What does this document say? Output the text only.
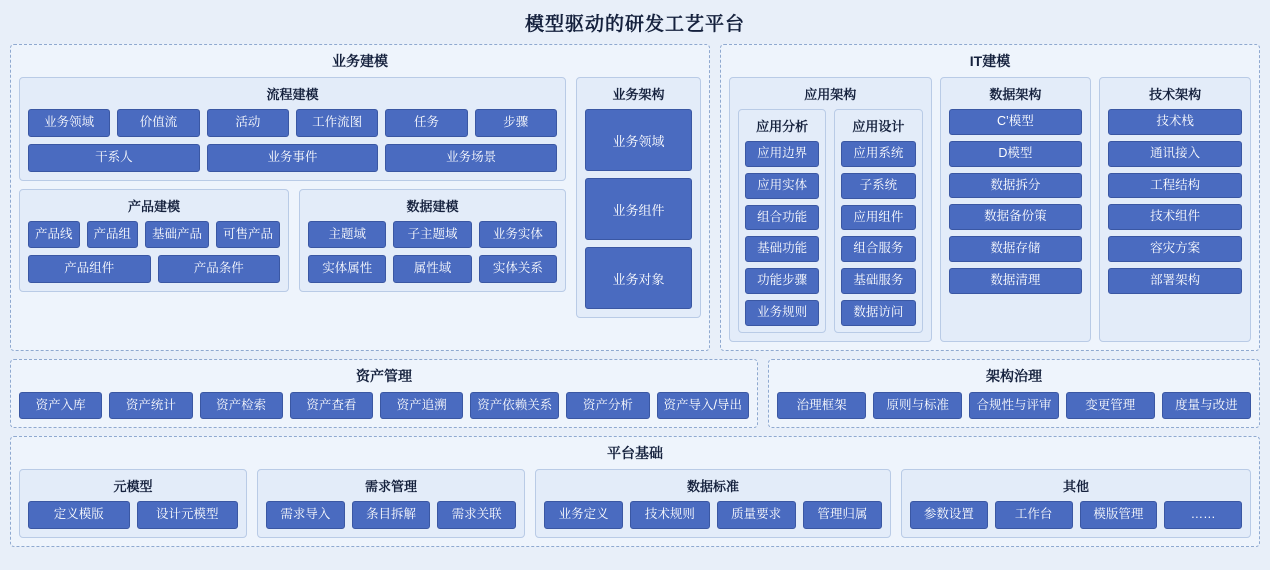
模型驱动的研发工艺平台
业务建模
流程建模
业务领域	价值流	活动	工作流图	任务	步骤
干系人	业务事件	业务场景
产品建模
产品线	产品组	基础产品	可售产品
产品组件	产品条件
数据建模
主题域	子主题域	业务实体
实体属性	属性域	实体关系
业务架构
业务领域
业务组件
业务对象
IT建模
应用架构
应用分析
应用边界
应用实体
组合功能
基础功能
功能步骤
业务规则
应用设计
应用系统
子系统
应用组件
组合服务
基础服务
数据访问
数据架构
C’模型
D模型
数据拆分
数据备份策
数据存储
数据清理
技术架构
技术栈
通讯接入
工程结构
技术组件
容灾方案
部署架构
资产管理
资产入库	资产统计	资产检索	资产查看	资产追溯	资产依赖关系	资产分析	资产导入/导出
架构治理
治理框架	原则与标准	合规性与评审	变更管理	度量与改进
平台基础
元模型
定义模版	设计元模型
需求管理
需求导入	条目拆解	需求关联
数据标准
业务定义	技术规则	质量要求	管理归属
其他
参数设置	工作台	模版管理	……
